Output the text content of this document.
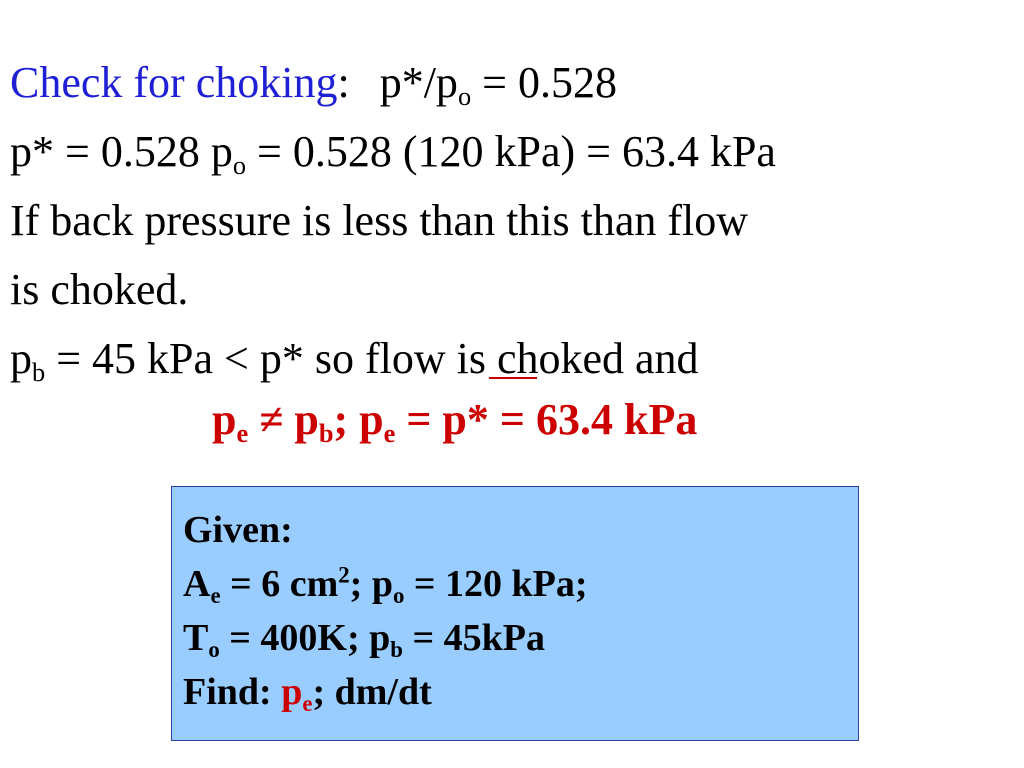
Check for choking: $p*/p_o = 0.528$
p* = 0.528 $p_o = 0.528$ (120 kPa) = 63.4 kPa
If back pressure is less than this than flow
is choked.
$p_b = 45$ kPa < p* so flow is choked and
$p_e \ne p_b$; $p_e = p* = 63.4$ kPa
Given:
$A_e = 6$ $cm^2$; $p_o = 120$ kPa;
$T_o = 400K$; $p_b = 45kPa$
Find: $p_e$; dm/dt
